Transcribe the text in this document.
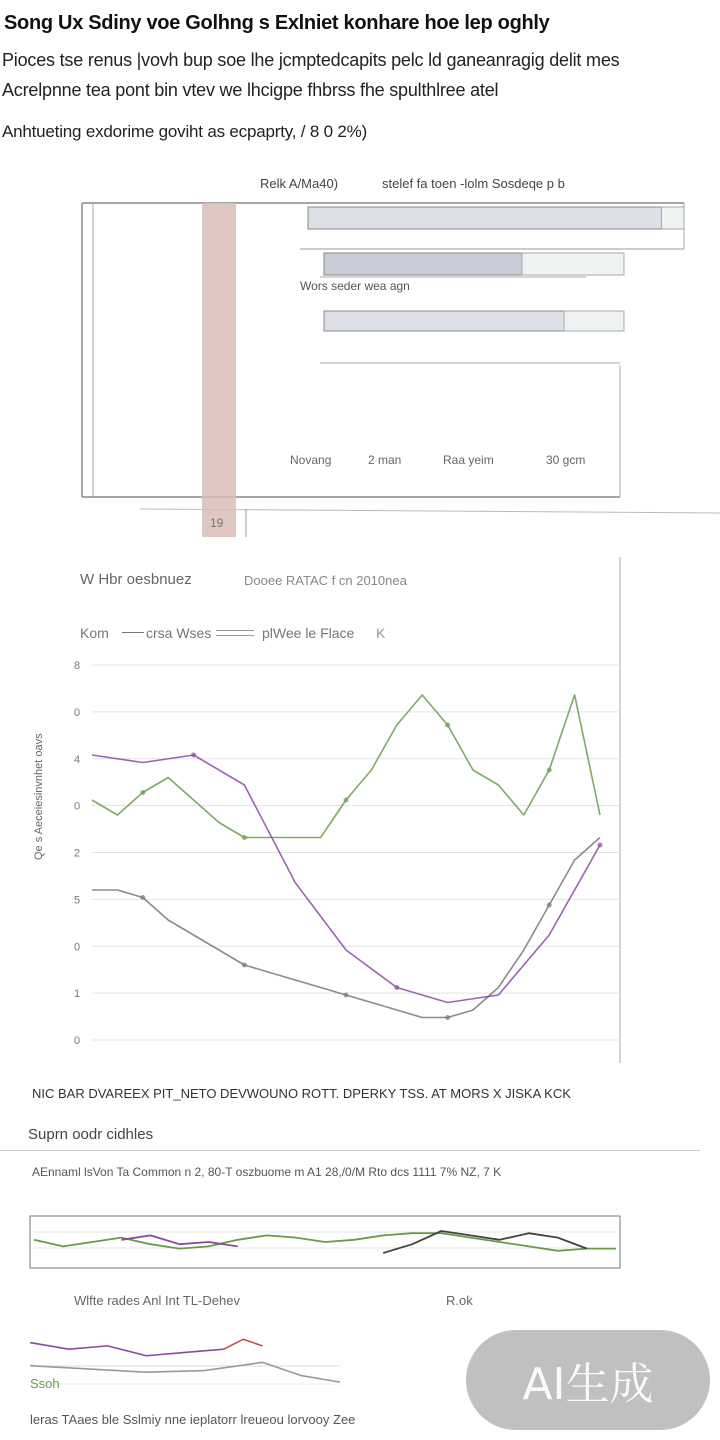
Song Ux Sdiny voe Golhng s Exlniet konhare hoe lep oghly
Pioces tse renus |vovh bup soe lhe jcmptedcapits pelc ld ganeanragig delit mes
Acrelpnne tea pont bin vtev we lhcigpe fhbrss fhe spulthlree atel
Anhtueting exdorime goviht as ecpaprty, / 8 0 2%)
Relk A/Ma40)	stelef fa toen -lolm Sosdeqe p b
19
Wors seder wea agn
Novang	2 man	Raa yeim	30 gcm
W Hbr oesbnuez	Dooee RATAC f cn 2010nea
Kom	crsa Wses	plWee le Flace K
Qe s Aeceiesinvnhet oavs
8
0
4
0
2
5
0
1
0
NIC BAR DVAREEX PIT_NETO DEVWOUNO ROTT. DPERKY TSS. AT MORS X JISKA KCK
Suprn oodr cidhles
AEnnaml lsVon Ta Common n 2, 80-T oszbuome m A1 28,/0/M Rto dcs 1111 7% NZ, 7 K
Wlfte rades Anl Int TL-Dehev	R.ok
Ssoh
leras TAaes ble Sslmiy nne ieplatorr lreueou lorvooy Zee
AI生成
